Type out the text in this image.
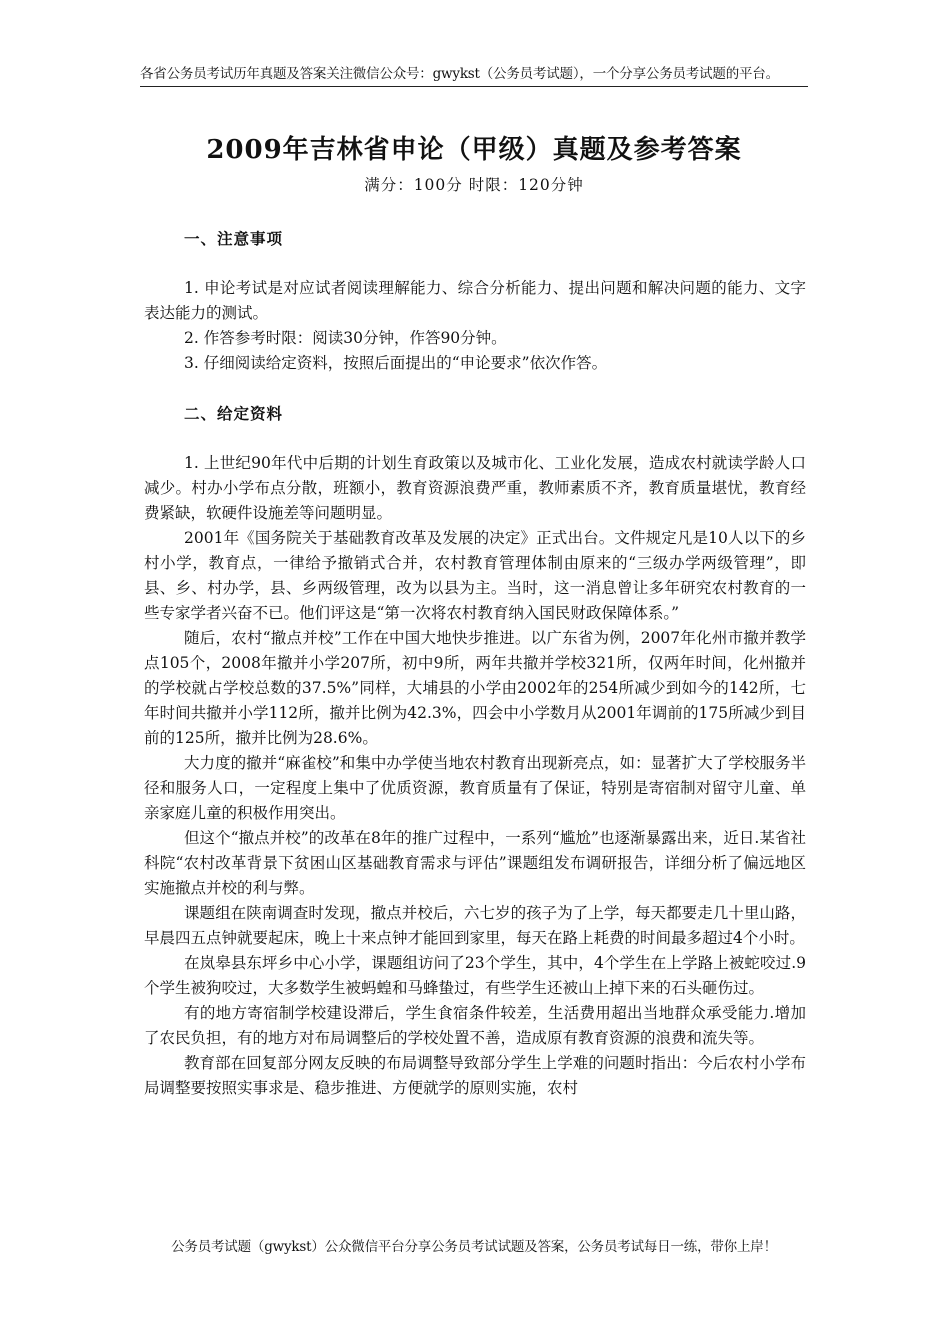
各省公务员考试历年真题及答案关注微信公众号：gwykst（公务员考试题），一个分享公务员考试题的平台。
2009年吉林省申论（甲级）真题及参考答案
满分：100分 时限：120分钟

一、注意事项

1. 申论考试是对应试者阅读理解能力、综合分析能力、提出问题和解决问题的能力、文字表达能力的测试。

2. 作答参考时限：阅读30分钟，作答90分钟。

3. 仔细阅读给定资料，按照后面提出的“申论要求”依次作答。

二、给定资料

1. 上世纪90年代中后期的计划生育政策以及城市化、工业化发展，造成农村就读学龄人口减少。村办小学布点分散，班额小，教育资源浪费严重，教师素质不齐，教育质量堪忧，教育经费紧缺，软硬件设施差等问题明显。

2001年《国务院关于基础教育改革及发展的决定》正式出台。文件规定凡是10人以下的乡村小学，教育点，一律给予撤销式合并，农村教育管理体制由原来的“三级办学两级管理”，即县、乡、村办学，县、乡两级管理，改为以县为主。当时，这一消息曾让多年研究农村教育的一些专家学者兴奋不已。他们评这是“第一次将农村教育纳入国民财政保障体系。”

随后，农村“撤点并校”工作在中国大地快步推进。以广东省为例，2007年化州市撤并教学点105个，2008年撤并小学207所，初中9所，两年共撤并学校321所，仅两年时间，化州撤并的学校就占学校总数的37.5%”同样，大埔县的小学由2002年的254所减少到如今的142所，七年时间共撤并小学112所，撤并比例为42.3%，四会中小学数月从2001年调前的175所减少到目前的125所，撤并比例为28.6%。

大力度的撤并“麻雀校”和集中办学使当地农村教育出现新亮点，如：显著扩大了学校服务半径和服务人口，一定程度上集中了优质资源，教育质量有了保证，特别是寄宿制对留守儿童、单亲家庭儿童的积极作用突出。

但这个“撤点并校”的改革在8年的推广过程中，一系列“尴尬”也逐渐暴露出来，近日.某省社科院“农村改革背景下贫困山区基础教育需求与评估”课题组发布调研报告，详细分析了偏远地区实施撤点并校的利与弊。

课题组在陕南调查时发现，撤点并校后，六七岁的孩子为了上学，每天都要走几十里山路，早晨四五点钟就要起床，晚上十来点钟才能回到家里，每天在路上耗费的时间最多超过4个小时。

在岚皋县东坪乡中心小学，课题组访问了23个学生，其中，4个学生在上学路上被蛇咬过.9个学生被狗咬过，大多数学生被蚂蝗和马蜂蛰过，有些学生还被山上掉下来的石头砸伤过。

有的地方寄宿制学校建设滞后，学生食宿条件较差，生活费用超出当地群众承受能力.增加了农民负担，有的地方对布局调整后的学校处置不善，造成原有教育资源的浪费和流失等。

教育部在回复部分网友反映的布局调整导致部分学生上学难的问题时指出：今后农村小学布局调整要按照实事求是、稳步推进、方便就学的原则实施，农村

公务员考试题（gwykst）公众微信平台分享公务员考试试题及答案，公务员考试每日一练，带你上岸！
